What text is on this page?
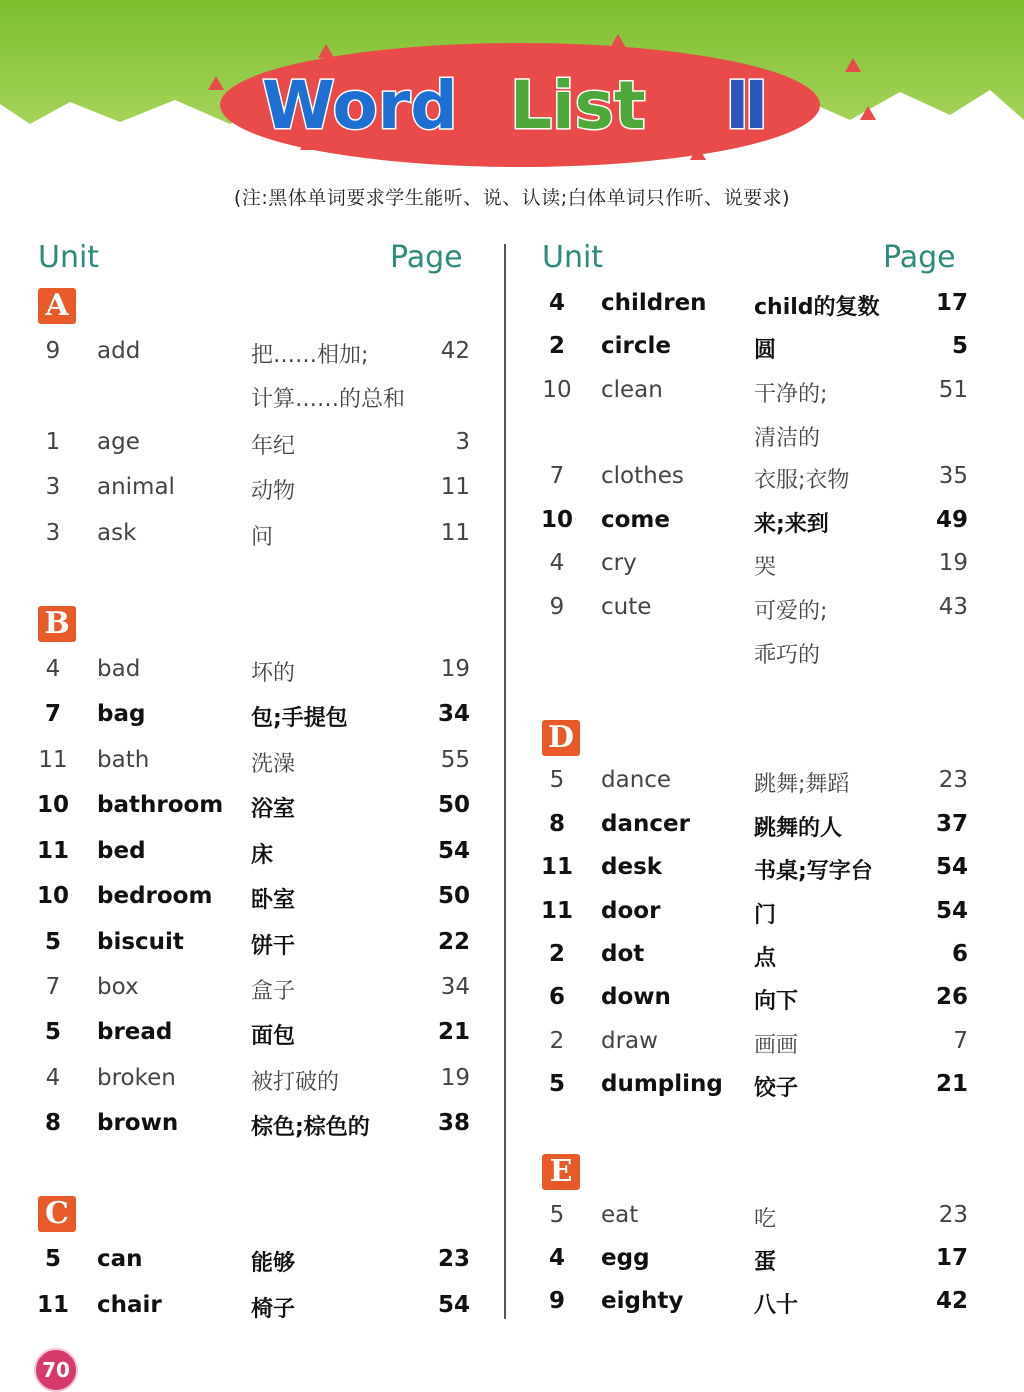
Word List Ⅱ
(注:黑体单词要求学生能听、说、认读;白体单词只作听、说要求)
Unit	Page	Unit	Page
A
B
C
D
E
9	add	把……相加;	42
计算……的总和
1	age	年纪	3
3	animal	动物	11
3	ask	问	11
4	bad	坏的	19
7	bag	包;手提包	34
11 bath	洗澡	55
10 bathroom 浴室	50
11 bed	床	54
10 bedroom 卧室	50
5	biscuit	饼干	22
7	box	盒子	34
5	bread	面包	21
4	broken	被打破的	19
8	brown	棕色;棕色的	38
5	can	能够	23
11 chair	椅子	54
4	children child的复数	17
2	circle	圆	5
10 clean	干净的;	51
清洁的
7	clothes	衣服;衣物	35
10 come	来;来到	49
4	cry	哭	19
9	cute	可爱的;	43
乖巧的
5	dance	跳舞;舞蹈	23
8	dancer	跳舞的人	37
11 desk	书桌;写字台	54
11 door	门	54
2	dot	点	6
6	down	向下	26
2	draw	画画	7
5	dumpling 饺子	21
5	eat	吃	23
4	egg	蛋	17
9	eighty	八十	42
70
